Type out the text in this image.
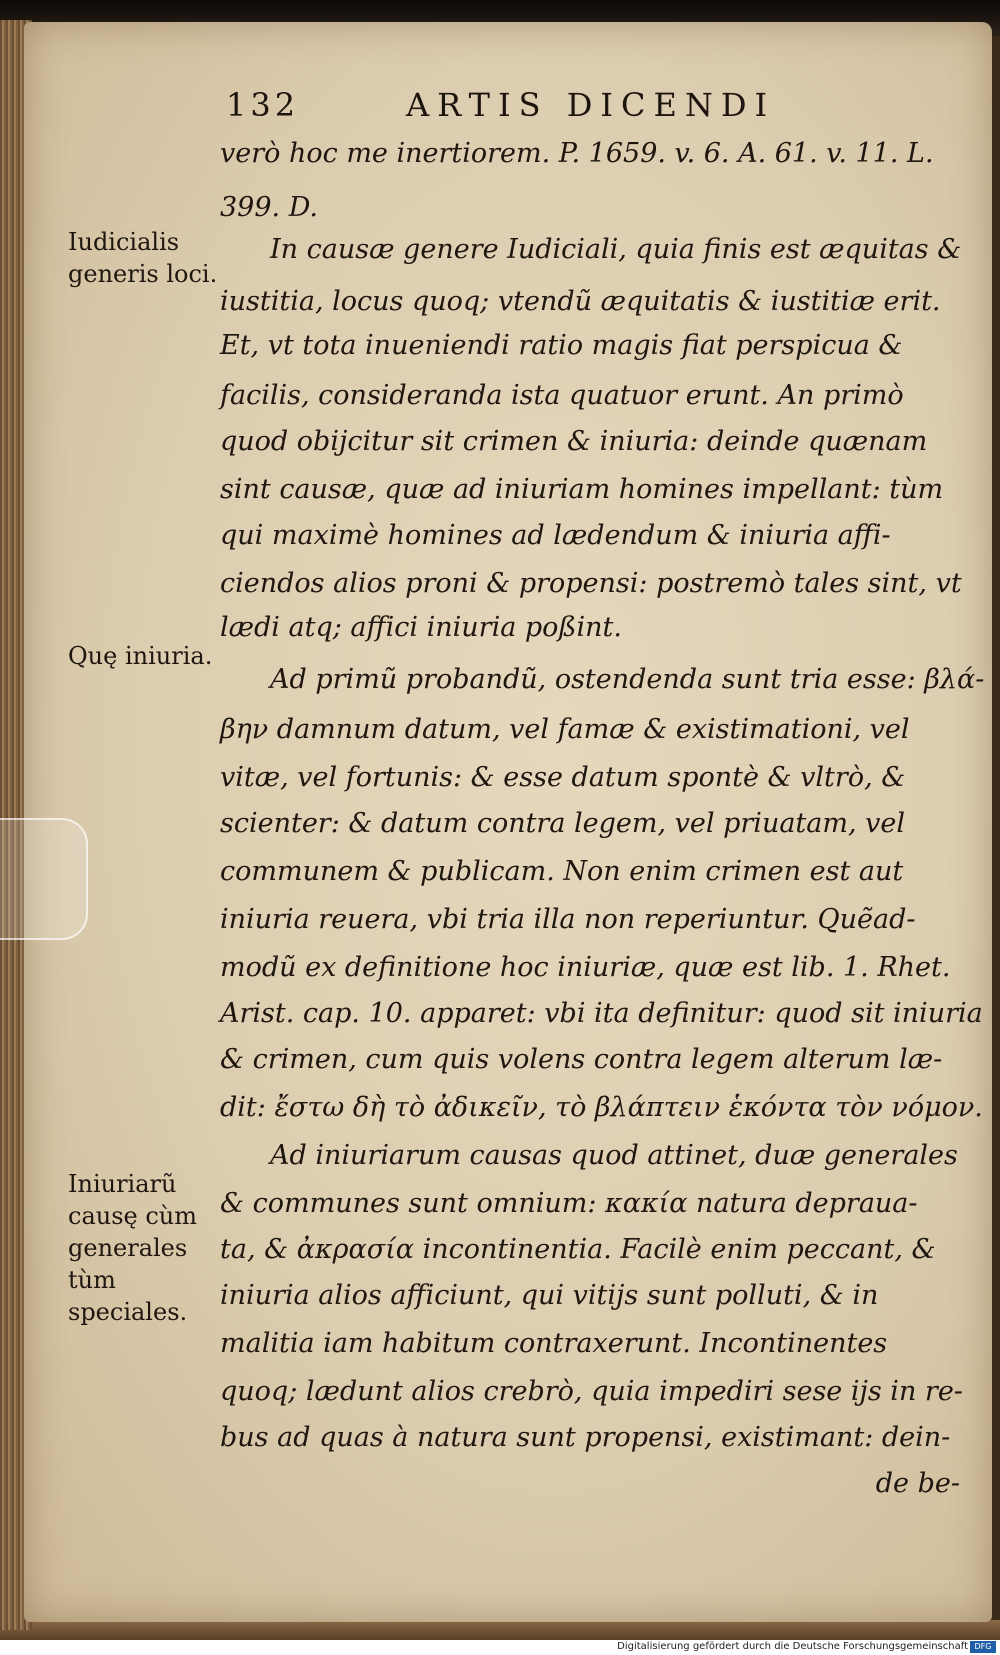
132	ARTIS DICENDI
Iudicialis generis loci.
Quę iniuria.
Iniuriarũ causę cùm generales tùm speciales.
verò hoc me inertiorem. P. 1659. v. 6. A. 61. v. 11. L.
399. D.
In causæ genere Iudiciali, quia finis est æquitas &
iustitia, locus quoq; vtendũ æquitatis & iustitiæ erit.
Et, vt tota inueniendi ratio magis fiat perspicua &
facilis, consideranda ista quatuor erunt. An primò
quod obijcitur sit crimen & iniuria: deinde quænam
sint causæ, quæ ad iniuriam homines impellant: tùm
qui maximè homines ad lædendum & iniuria affi-
ciendos alios proni & propensi: postremò tales sint, vt
lædi atq; affici iniuria poßint.
Ad primũ probandũ, ostendenda sunt tria esse: βλά-
βην damnum datum, vel famæ & existimationi, vel
vitæ, vel fortunis: & esse datum spontè & vltrò, &
scienter: & datum contra legem, vel priuatam, vel
communem & publicam. Non enim crimen est aut
iniuria reuera, vbi tria illa non reperiuntur. Quẽad-
modũ ex definitione hoc iniuriæ, quæ est lib. 1. Rhet.
Arist. cap. 10. apparet: vbi ita definitur: quod sit iniuria
& crimen, cum quis volens contra legem alterum læ-
dit: ἔστω δὴ τὸ ἀδικεῖν, τὸ βλάπτειν ἑκόντα τὸν νόμον.
Ad iniuriarum causas quod attinet, duæ generales
& communes sunt omnium: κακία natura deprauа-
ta, & ἀκρασία incontinentia. Facilè enim peccant, &
iniuria alios afficiunt, qui vitijs sunt polluti, & in
malitia iam habitum contraxerunt. Incontinentes
quoq; lædunt alios crebrò, quia impediri sese ijs in re-
bus ad quas à natura sunt propensi, existimant: dein-
de be-
Digitalisierung gefördert durch die Deutsche Forschungsgemeinschaft DFG
